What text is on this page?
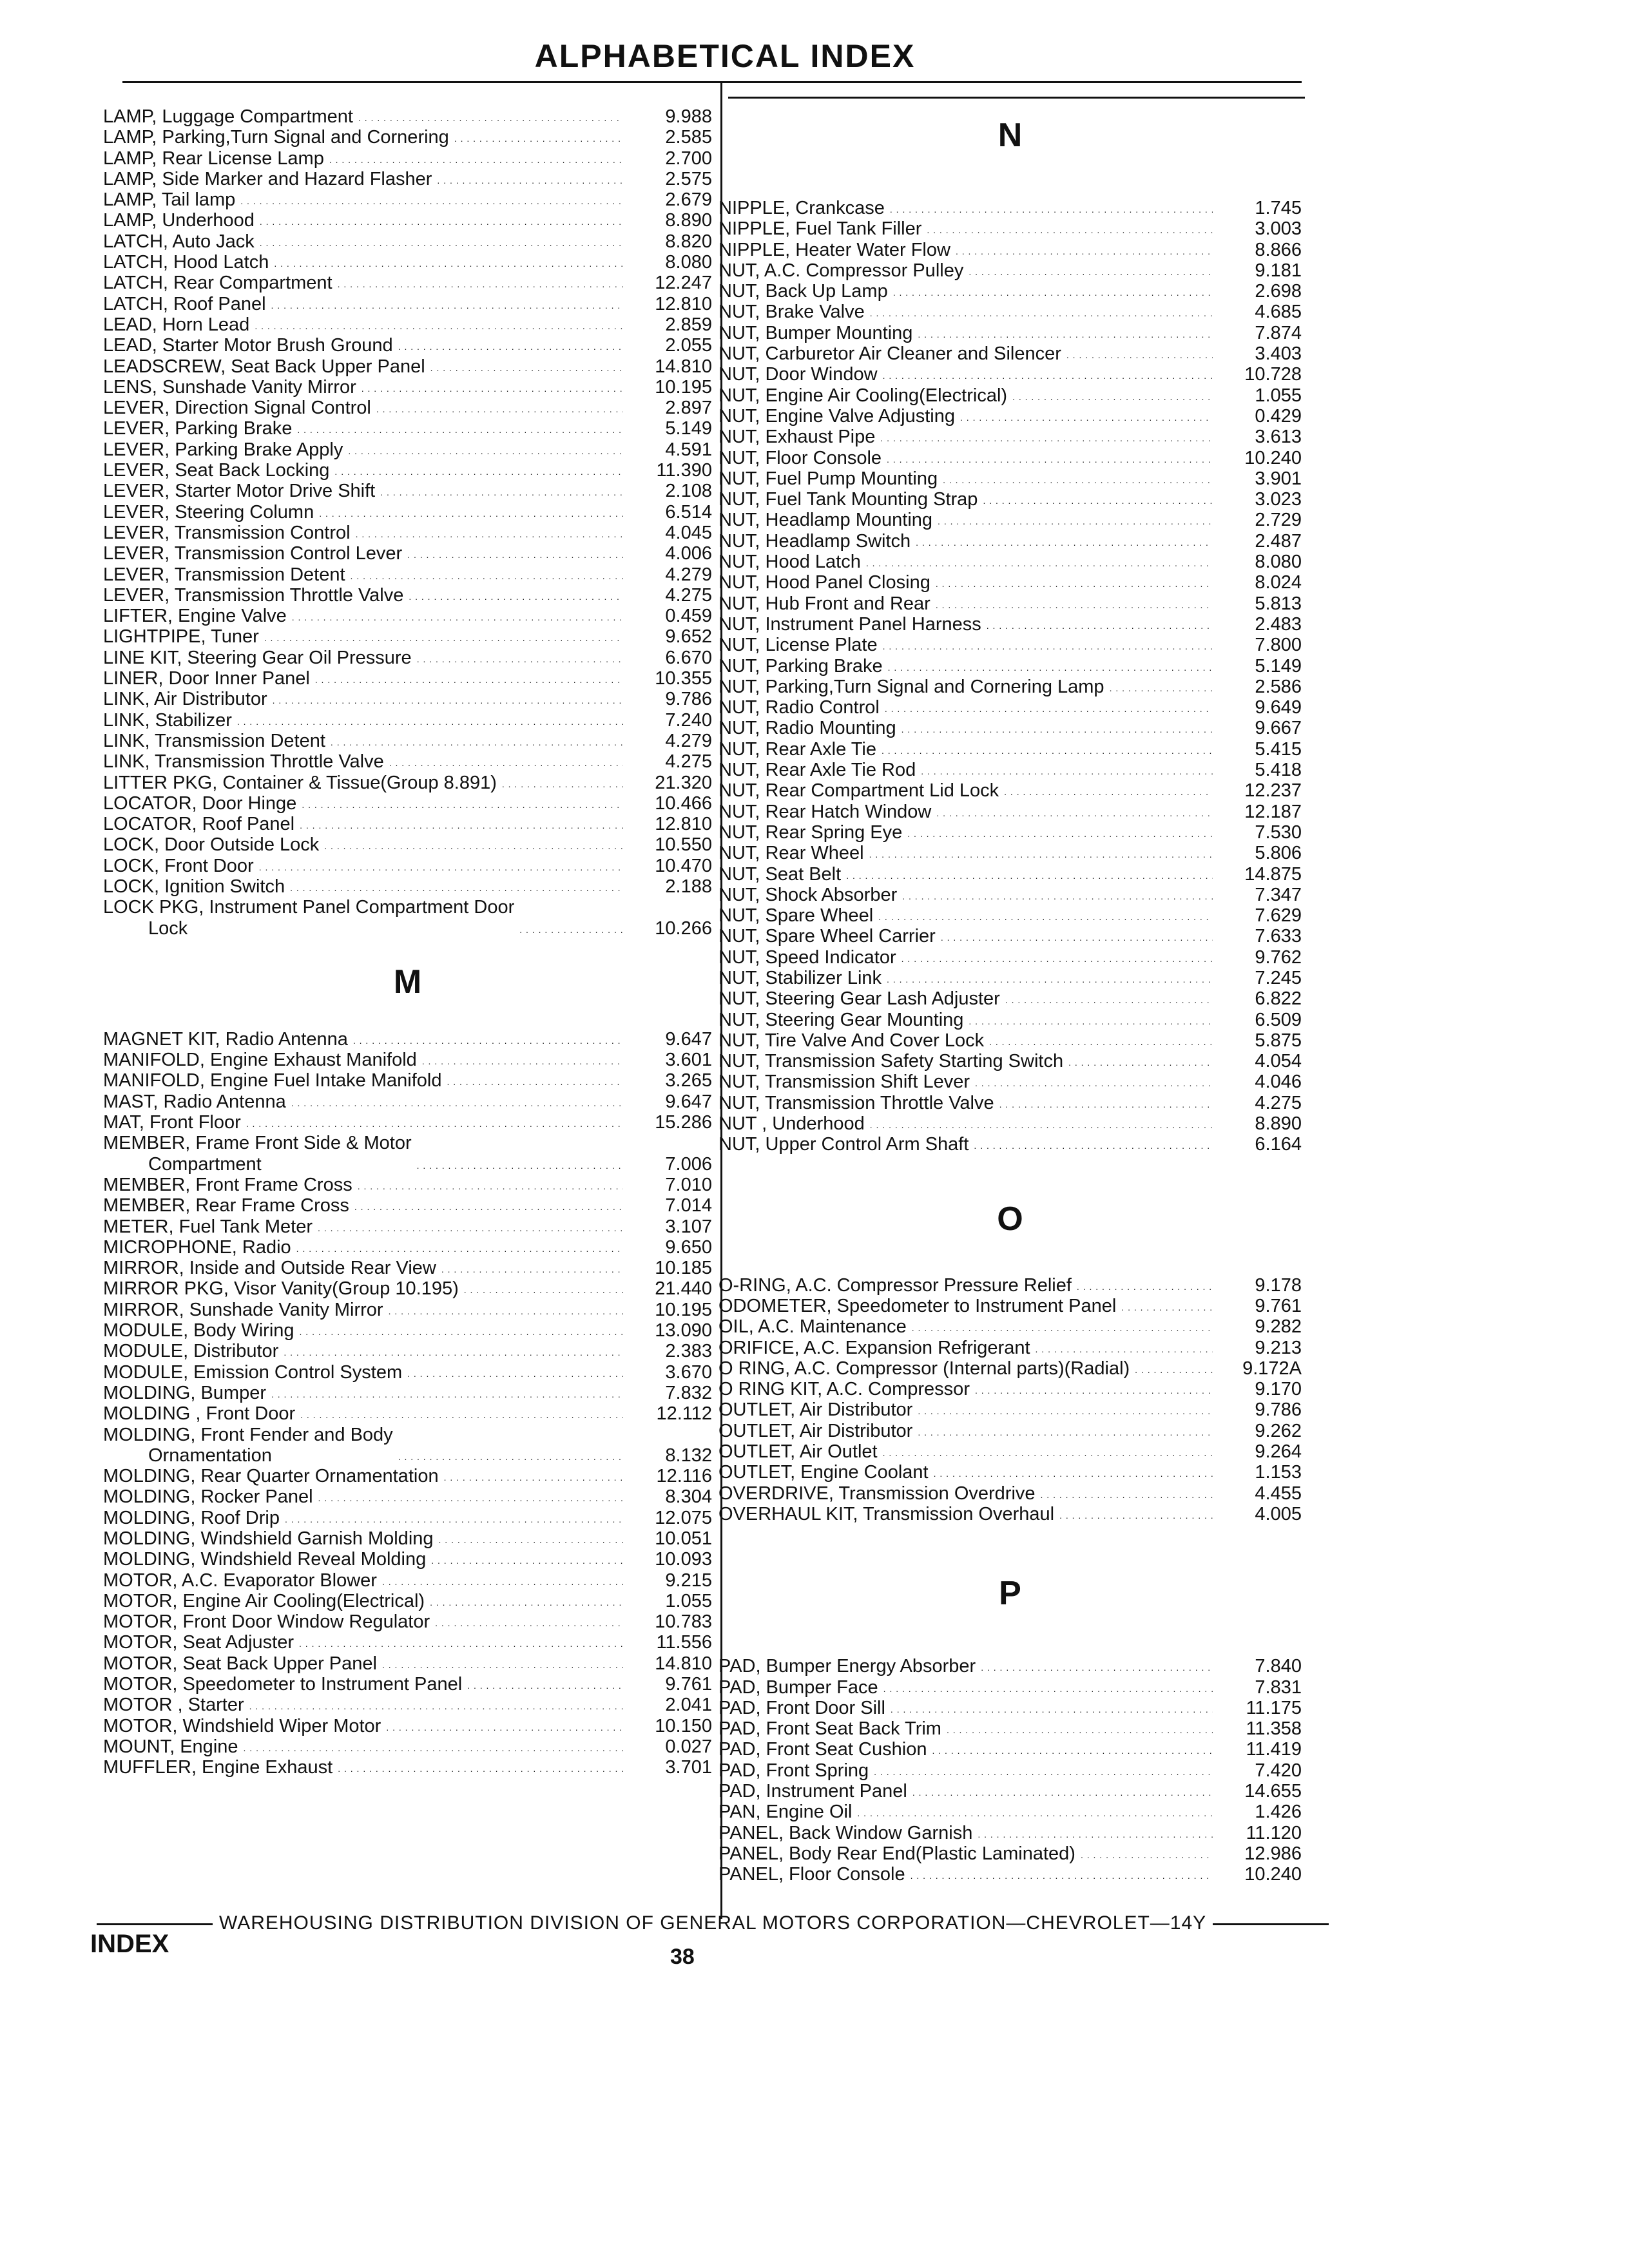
ALPHABETICAL INDEX
LAMP, Luggage Compartment . . .	9.988
LAMP, Parking,Turn Signal and Cornering . . .	2.585
LAMP, Rear License Lamp . . .	2.700
LAMP, Side Marker and Hazard Flasher . . .	2.575
LAMP, Tail lamp . . .	2.679
LAMP, Underhood . . .	8.890
LATCH, Auto Jack . . .	8.820
LATCH, Hood Latch . . .	8.080
LATCH, Rear Compartment . . .	12.247
LATCH, Roof Panel . . .	12.810
LEAD, Horn Lead . . .	2.859
LEAD, Starter Motor Brush Ground . . .	2.055
LEADSCREW, Seat Back Upper Panel . . .	14.810
LENS, Sunshade Vanity Mirror . . .	10.195
LEVER, Direction Signal Control . . .	2.897
LEVER, Parking Brake . . .	5.149
LEVER, Parking Brake Apply . . .	4.591
LEVER, Seat Back Locking . . .	11.390
LEVER, Starter Motor Drive Shift . . .	2.108
LEVER, Steering Column . . .	6.514
LEVER, Transmission Control . . .	4.045
LEVER, Transmission Control Lever . . .	4.006
LEVER, Transmission Detent . . .	4.279
LEVER, Transmission Throttle Valve . . .	4.275
LIFTER, Engine Valve . . .	0.459
LIGHTPIPE, Tuner . . .	9.652
LINE KIT, Steering Gear Oil Pressure . . .	6.670
LINER, Door Inner Panel . . .	10.355
LINK, Air Distributor . . .	9.786
LINK, Stabilizer . . .	7.240
LINK, Transmission Detent . . .	4.279
LINK, Transmission Throttle Valve . . .	4.275
LITTER PKG, Container & Tissue(Group 8.891) . . .	21.320
LOCATOR, Door Hinge . . .	10.466
LOCATOR, Roof Panel . . .	12.810
LOCK, Door Outside Lock . . .	10.550
LOCK, Front Door . . .	10.470
LOCK, Ignition Switch . . .	2.188
LOCK PKG, Instrument Panel Compartment Door
Lock . . .	10.266
M
MAGNET KIT, Radio Antenna . . .	9.647
MANIFOLD, Engine Exhaust Manifold . . .	3.601
MANIFOLD, Engine Fuel Intake Manifold . . .	3.265
MAST, Radio Antenna . . .	9.647
MAT, Front Floor . . .	15.286
MEMBER, Frame Front Side & Motor
Compartment . . .	7.006
MEMBER, Front Frame Cross . . .	7.010
MEMBER, Rear Frame Cross . . .	7.014
METER, Fuel Tank Meter . . .	3.107
MICROPHONE, Radio . . .	9.650
MIRROR, Inside and Outside Rear View . . .	10.185
MIRROR PKG, Visor Vanity(Group 10.195) . . .	21.440
MIRROR, Sunshade Vanity Mirror . . .	10.195
MODULE, Body Wiring . . .	13.090
MODULE, Distributor . . .	2.383
MODULE, Emission Control System . . .	3.670
MOLDING, Bumper . . .	7.832
MOLDING , Front Door . . .	12.112
MOLDING, Front Fender and Body
Ornamentation . . .	8.132
MOLDING, Rear Quarter Ornamentation . . .	12.116
MOLDING, Rocker Panel . . .	8.304
MOLDING, Roof Drip . . .	12.075
MOLDING, Windshield Garnish Molding . . .	10.051
MOLDING, Windshield Reveal Molding . . .	10.093
MOTOR, A.C. Evaporator Blower . . .	9.215
MOTOR, Engine Air Cooling(Electrical) . . .	1.055
MOTOR, Front Door Window Regulator . . .	10.783
MOTOR, Seat Adjuster . . .	11.556
MOTOR, Seat Back Upper Panel . . .	14.810
MOTOR, Speedometer to Instrument Panel . . .	9.761
MOTOR , Starter . . .	2.041
MOTOR, Windshield Wiper Motor . . .	10.150
MOUNT, Engine . . .	0.027
MUFFLER, Engine Exhaust . . .	3.701
N
NIPPLE, Crankcase . . .	1.745
NIPPLE, Fuel Tank Filler . . .	3.003
NIPPLE, Heater Water Flow . . .	8.866
NUT, A.C. Compressor Pulley . . .	9.181
NUT, Back Up Lamp . . .	2.698
NUT, Brake Valve . . .	4.685
NUT, Bumper Mounting . . .	7.874
NUT, Carburetor Air Cleaner and Silencer . . .	3.403
NUT, Door Window . . .	10.728
NUT, Engine Air Cooling(Electrical) . . .	1.055
NUT, Engine Valve Adjusting . . .	0.429
NUT, Exhaust Pipe . . .	3.613
NUT, Floor Console . . .	10.240
NUT, Fuel Pump Mounting . . .	3.901
NUT, Fuel Tank Mounting Strap . . .	3.023
NUT, Headlamp Mounting . . .	2.729
NUT, Headlamp Switch . . .	2.487
NUT, Hood Latch . . .	8.080
NUT, Hood Panel Closing . . .	8.024
NUT, Hub Front and Rear . . .	5.813
NUT, Instrument Panel Harness . . .	2.483
NUT, License Plate . . .	7.800
NUT, Parking Brake . . .	5.149
NUT, Parking,Turn Signal and Cornering Lamp . . .	2.586
NUT, Radio Control . . .	9.649
NUT, Radio Mounting . . .	9.667
NUT, Rear Axle Tie . . .	5.415
NUT, Rear Axle Tie Rod . . .	5.418
NUT, Rear Compartment Lid Lock . . .	12.237
NUT, Rear Hatch Window . . .	12.187
NUT, Rear Spring Eye . . .	7.530
NUT, Rear Wheel . . .	5.806
NUT, Seat Belt . . .	14.875
NUT, Shock Absorber . . .	7.347
NUT, Spare Wheel . . .	7.629
NUT, Spare Wheel Carrier . . .	7.633
NUT, Speed Indicator . . .	9.762
NUT, Stabilizer Link . . .	7.245
NUT, Steering Gear Lash Adjuster . . .	6.822
NUT, Steering Gear Mounting . . .	6.509
NUT, Tire Valve And Cover Lock . . .	5.875
NUT, Transmission Safety Starting Switch . . .	4.054
NUT, Transmission Shift Lever . . .	4.046
NUT, Transmission Throttle Valve . . .	4.275
NUT , Underhood . . .	8.890
NUT, Upper Control Arm Shaft . . .	6.164
O
O-RING, A.C. Compressor Pressure Relief . . .	9.178
ODOMETER, Speedometer to Instrument Panel . . .	9.761
OIL, A.C. Maintenance . . .	9.282
ORIFICE, A.C. Expansion Refrigerant . . .	9.213
O RING, A.C. Compressor (Internal parts)(Radial) . . .	9.172A
O RING KIT, A.C. Compressor . . .	9.170
OUTLET, Air Distributor . . .	9.786
OUTLET, Air Distributor . . .	9.262
OUTLET, Air Outlet . . .	9.264
OUTLET, Engine Coolant . . .	1.153
OVERDRIVE, Transmission Overdrive . . .	4.455
OVERHAUL KIT, Transmission Overhaul . . .	4.005
P
PAD, Bumper Energy Absorber . . .	7.840
PAD, Bumper Face . . .	7.831
PAD, Front Door Sill . . .	11.175
PAD, Front Seat Back Trim . . .	11.358
PAD, Front Seat Cushion . . .	11.419
PAD, Front Spring . . .	7.420
PAD, Instrument Panel . . .	14.655
PAN, Engine Oil . . .	1.426
PANEL, Back Window Garnish . . .	11.120
PANEL, Body Rear End(Plastic Laminated) . . .	12.986
PANEL, Floor Console . . .	10.240
WAREHOUSING DISTRIBUTION DIVISION OF GENERAL MOTORS CORPORATION—CHEVROLET—14Y
INDEX	38
